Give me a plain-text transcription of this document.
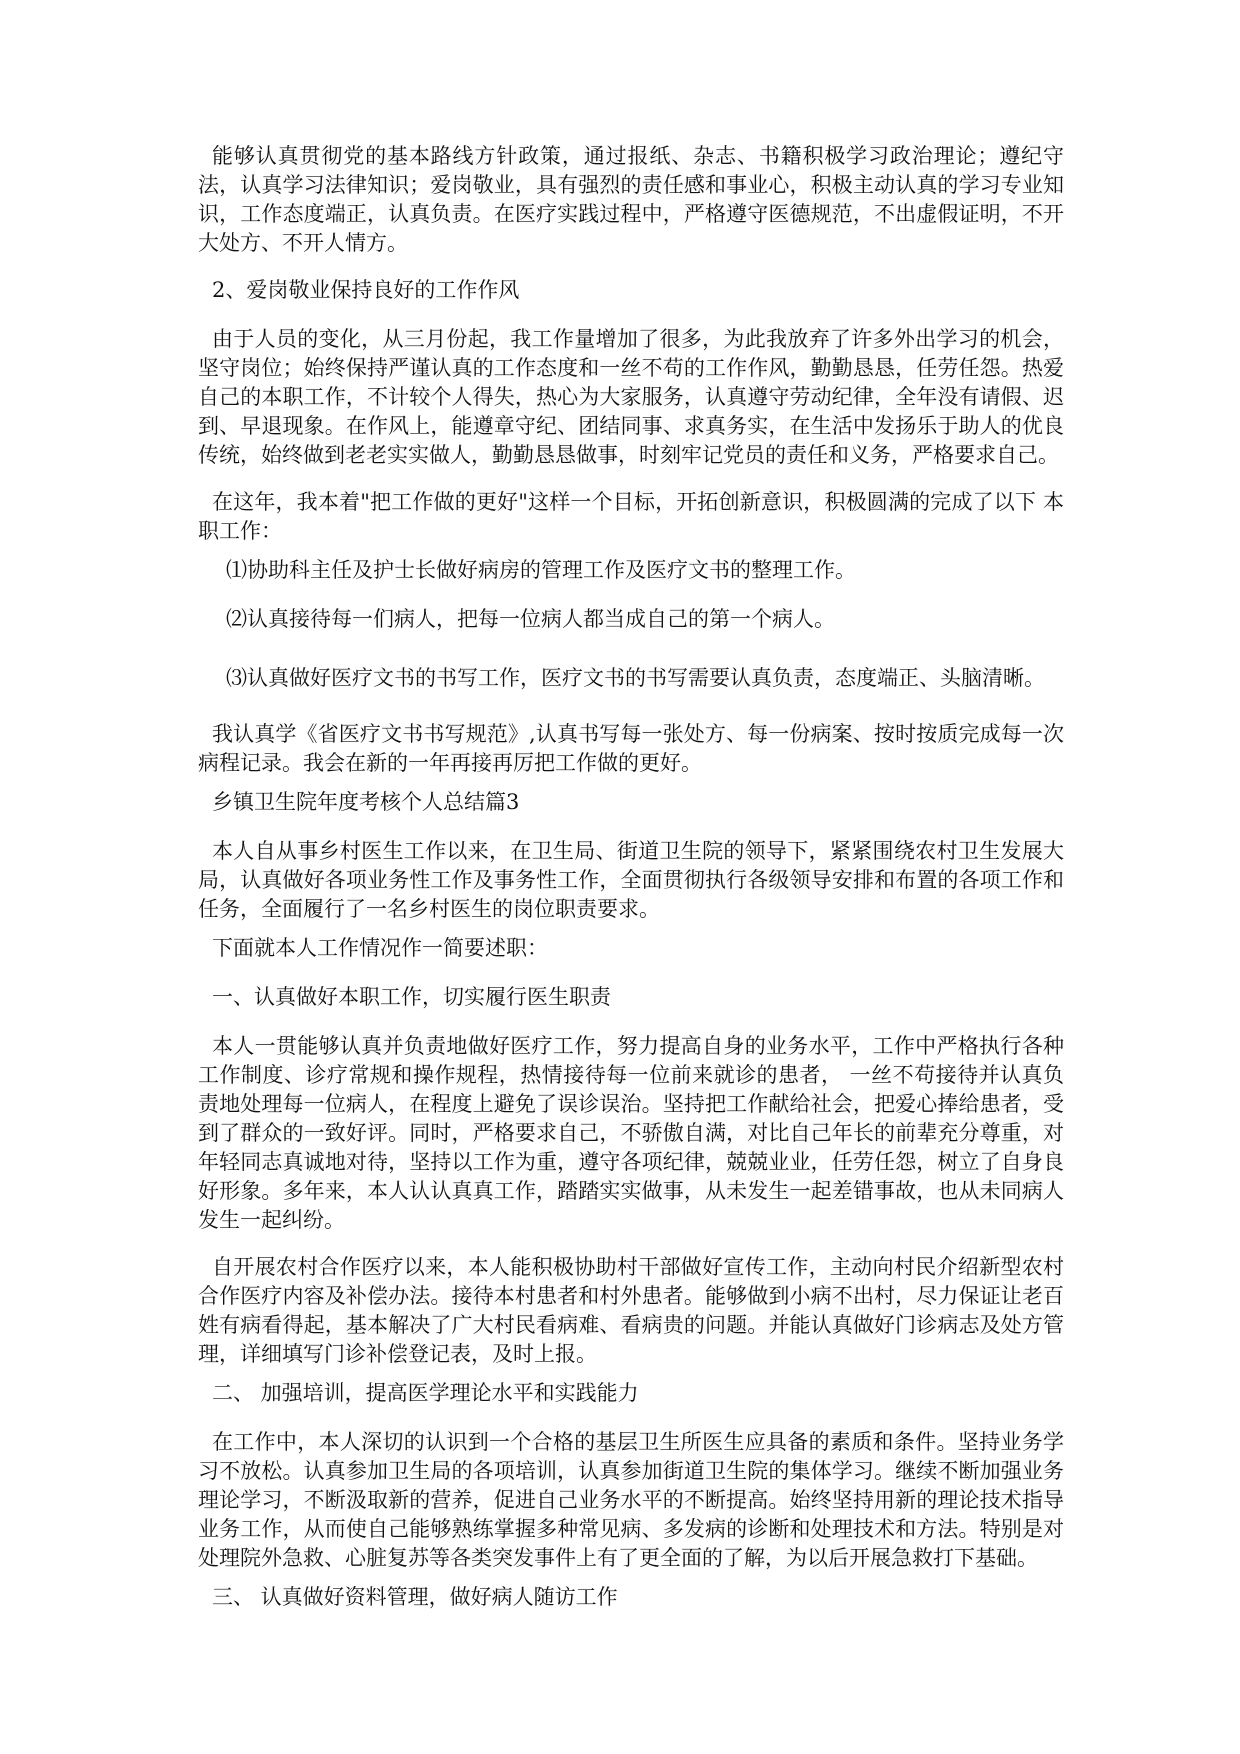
能够认真贯彻党的基本路线方针政策，通过报纸、杂志、书籍积极学习政治理论；遵纪守法，认真学习法律知识；爱岗敬业，具有强烈的责任感和事业心，积极主动认真的学习专业知识，工作态度端正，认真负责。在医疗实践过程中，严格遵守医德规范，不出虚假证明，不开大处方、不开人情方。

2、爱岗敬业保持良好的工作作风

由于人员的变化，从三月份起，我工作量增加了很多，为此我放弃了许多外出学习的机会，坚守岗位；始终保持严谨认真的工作态度和一丝不苟的工作作风，勤勤恳恳，任劳任怨。热爱自己的本职工作，不计较个人得失，热心为大家服务，认真遵守劳动纪律，全年没有请假、迟到、早退现象。在作风上，能遵章守纪、团结同事、求真务实，在生活中发扬乐于助人的优良传统，始终做到老老实实做人，勤勤恳恳做事，时刻牢记党员的责任和义务，严格要求自己。

在这年，我本着"把工作做的更好"这样一个目标，开拓创新意识，积极圆满的完成了以下 本职工作：

⑴协助科主任及护士长做好病房的管理工作及医疗文书的整理工作。

⑵认真接待每一们病人，把每一位病人都当成自己的第一个病人。

⑶认真做好医疗文书的书写工作，医疗文书的书写需要认真负责，态度端正、头脑清晰。

我认真学《省医疗文书书写规范》,认真书写每一张处方、每一份病案、按时按质完成每一次病程记录。我会在新的一年再接再厉把工作做的更好。

乡镇卫生院年度考核个人总结篇3

本人自从事乡村医生工作以来，在卫生局、街道卫生院的领导下，紧紧围绕农村卫生发展大局，认真做好各项业务性工作及事务性工作，全面贯彻执行各级领导安排和布置的各项工作和任务，全面履行了一名乡村医生的岗位职责要求。

下面就本人工作情况作一简要述职：

一、认真做好本职工作，切实履行医生职责

本人一贯能够认真并负责地做好医疗工作，努力提高自身的业务水平，工作中严格执行各种工作制度、诊疗常规和操作规程，热情接待每一位前来就诊的患者， 一丝不苟接待并认真负责地处理每一位病人，在程度上避免了误诊误治。坚持把工作献给社会，把爱心捧给患者，受到了群众的一致好评。同时，严格要求自己，不骄傲自满，对比自己年长的前辈充分尊重，对年轻同志真诚地对待，坚持以工作为重，遵守各项纪律，兢兢业业，任劳任怨，树立了自身良好形象。多年来，本人认认真真工作，踏踏实实做事，从未发生一起差错事故，也从未同病人发生一起纠纷。

自开展农村合作医疗以来，本人能积极协助村干部做好宣传工作，主动向村民介绍新型农村合作医疗内容及补偿办法。接待本村患者和村外患者。能够做到小病不出村，尽力保证让老百姓有病看得起，基本解决了广大村民看病难、看病贵的问题。并能认真做好门诊病志及处方管理，详细填写门诊补偿登记表，及时上报。

二、 加强培训，提高医学理论水平和实践能力

在工作中，本人深切的认识到一个合格的基层卫生所医生应具备的素质和条件。坚持业务学习不放松。认真参加卫生局的各项培训，认真参加街道卫生院的集体学习。继续不断加强业务理论学习，不断汲取新的营养，促进自己业务水平的不断提高。始终坚持用新的理论技术指导业务工作，从而使自己能够熟练掌握多种常见病、多发病的诊断和处理技术和方法。特别是对处理院外急救、心脏复苏等各类突发事件上有了更全面的了解，为以后开展急救打下基础。

三、 认真做好资料管理，做好病人随访工作
